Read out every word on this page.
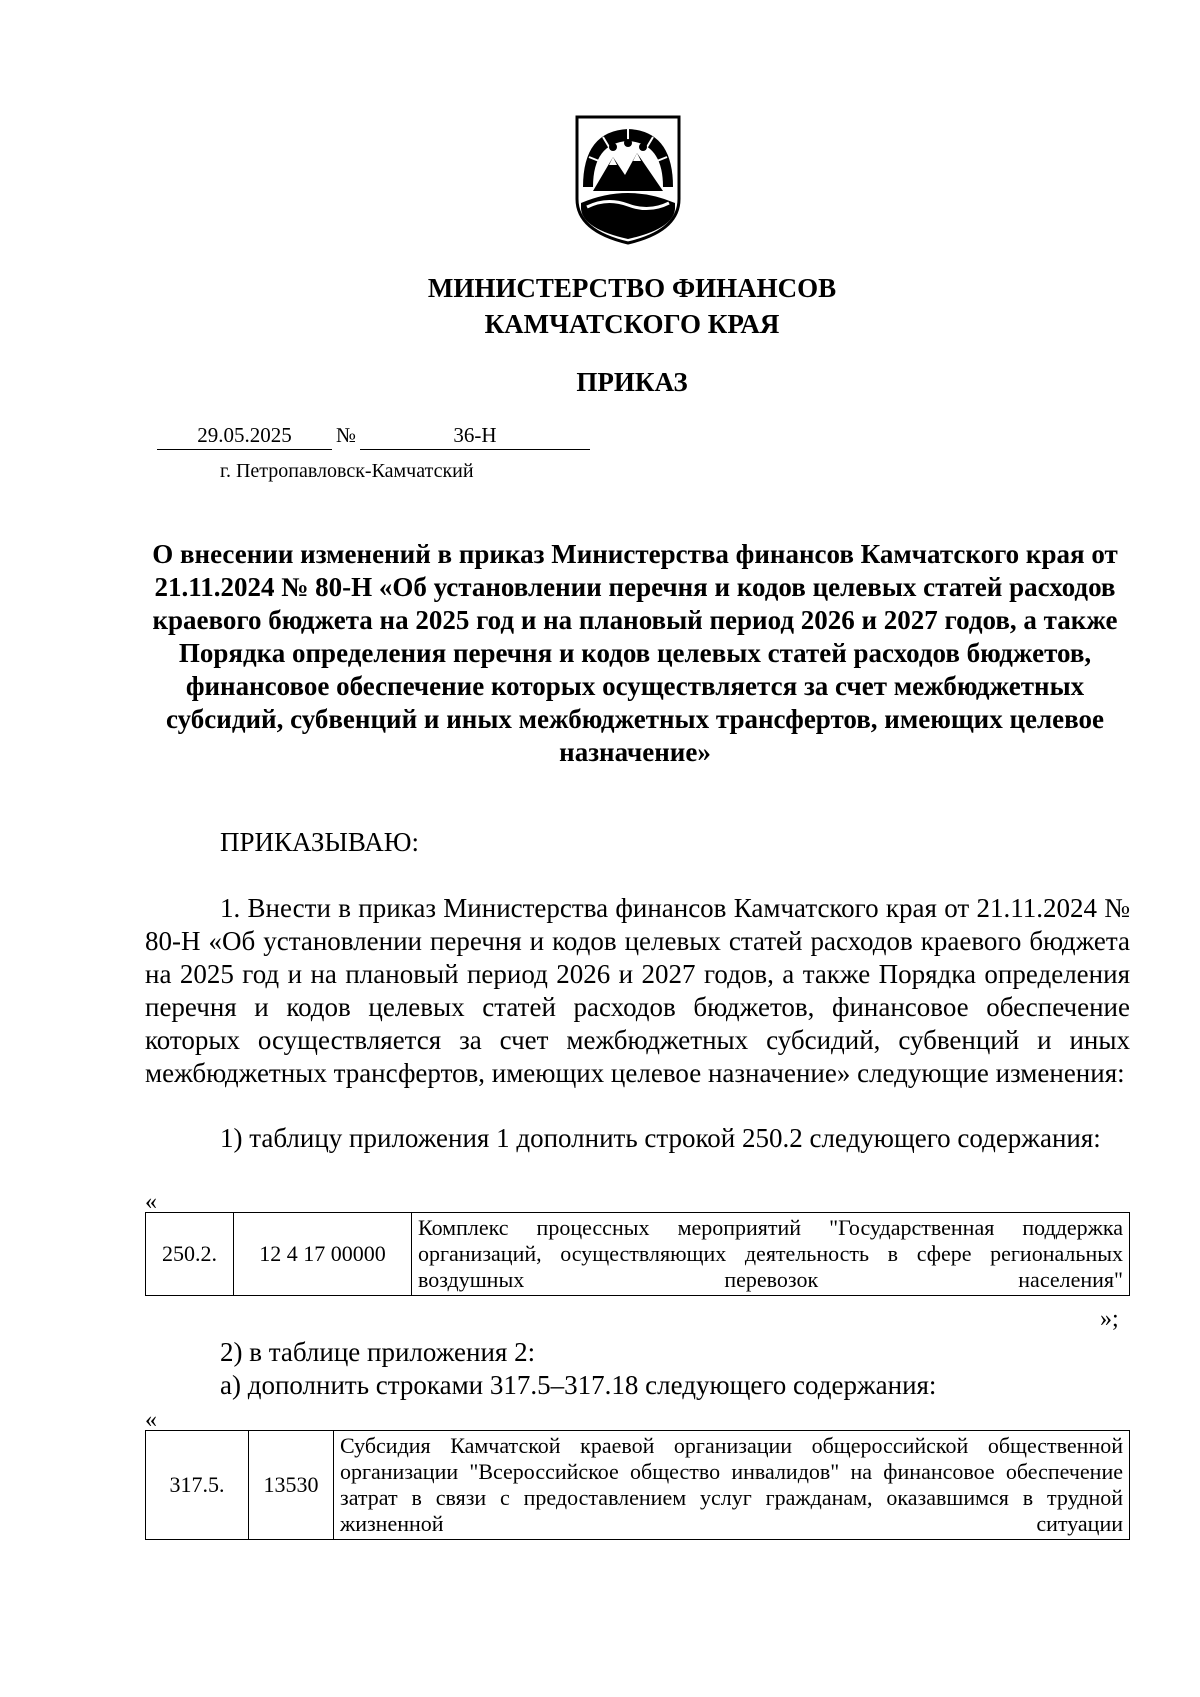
МИНИСТЕРСТВО ФИНАНСОВ
КАМЧАТСКОГО КРАЯ
ПРИКАЗ
29.05.2025	№	36-Н
г. Петропавловск-Камчатский
О внесении изменений в приказ Министерства финансов Камчатского края от 21.11.2024 № 80-Н «Об установлении перечня и кодов целевых статей расходов краевого бюджета на 2025 год и на плановый период 2026 и 2027 годов, а также Порядка определения перечня и кодов целевых статей расходов бюджетов, финансовое обеспечение которых осуществляется за счет межбюджетных субсидий, субвенций и иных межбюджетных трансфертов, имеющих целевое назначение»
ПРИКАЗЫВАЮ:
1. Внести в приказ Министерства финансов Камчатского края от 21.11.2024 № 80-Н «Об установлении перечня и кодов целевых статей расходов краевого бюджета на 2025 год и на плановый период 2026 и 2027 годов, а также Порядка определения перечня и кодов целевых статей расходов бюджетов, финансовое обеспечение которых осуществляется за счет межбюджетных субсидий, субвенций и иных межбюджетных трансфертов, имеющих целевое назначение» следующие изменения:
1) таблицу приложения 1 дополнить строкой 250.2 следующего содержания:
«
250.2.	12 4 17 00000	Комплекс процессных мероприятий "Государственная поддержка организаций, осуществляющих деятельность в сфере региональных воздушных перевозок населения"
»;
2) в таблице приложения 2:
а) дополнить строками 317.5–317.18 следующего содержания:
«
317.5.	13530	Субсидия Камчатской краевой организации общероссийской общественной организации "Всероссийское общество инвалидов" на финансовое обеспечение затрат в связи с предоставлением услуг гражданам, оказавшимся в трудной жизненной ситуации
